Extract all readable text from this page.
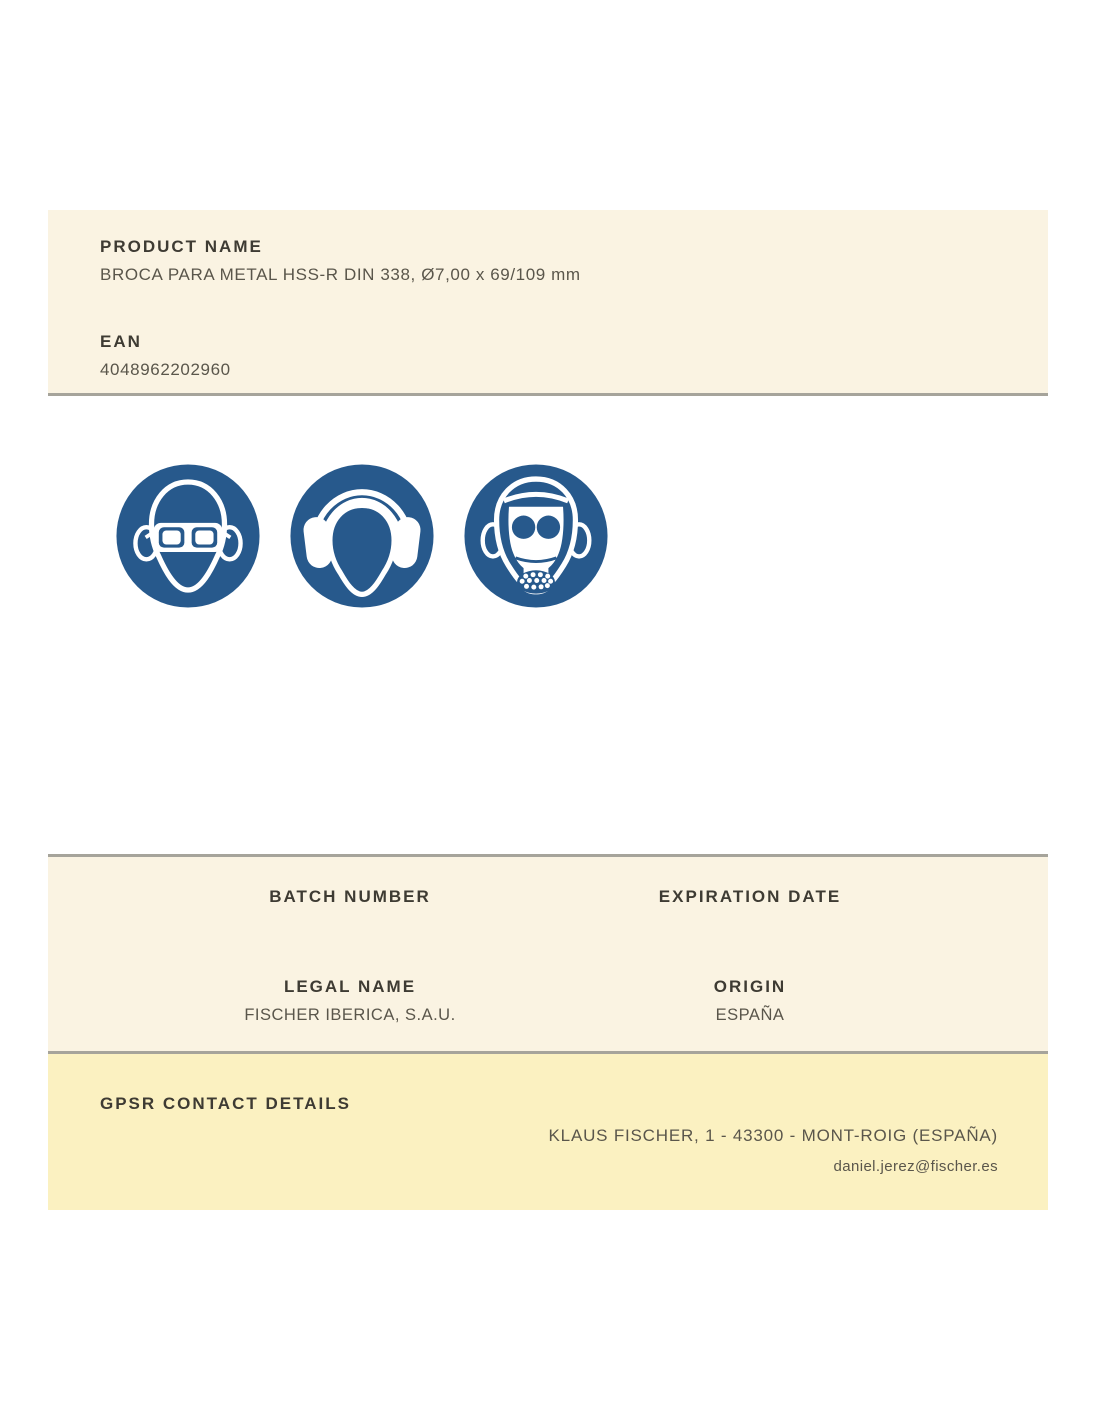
PRODUCT NAME
BROCA PARA METAL HSS-R DIN 338, Ø7,00 x 69/109 mm
EAN
4048962202960
BATCH NUMBER
LEGAL NAME
FISCHER IBERICA, S.A.U.
EXPIRATION DATE
ORIGIN
ESPAÑA
GPSR CONTACT DETAILS
KLAUS FISCHER, 1 - 43300 - MONT-ROIG (ESPAÑA)
daniel.jerez@fischer.es
